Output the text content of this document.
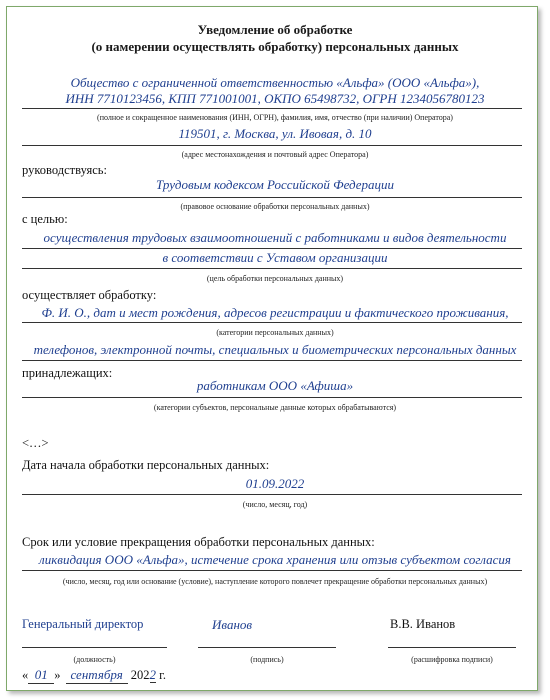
Уведомление об обработке
(о намерении осуществлять обработку) персональных данных
Общество с ограниченной ответственностью «Альфа» (ООО «Альфа»),
ИНН 7710123456, КПП 771001001, ОКПО 65498732, ОГРН 1234056780123
(полное и сокращенное наименования (ИНН, ОГРН), фамилия, имя, отчество (при наличии) Оператора)
119501, г. Москва, ул. Ивовая, д. 10
(адрес местонахождения и почтовый адрес Оператора)
руководствуясь:
Трудовым кодексом Российской Федерации
(правовое основание обработки персональных данных)
с целью:
осуществления трудовых взаимоотношений с работниками и видов деятельности
в соответствии с Уставом организации
(цель обработки персональных данных)
осуществляет обработку:
Ф. И. О., дат и мест рождения, адресов регистрации и фактического проживания,
(категории персональных данных)
телефонов, электронной почты, специальных и биометрических персональных данных
принадлежащих:
работникам ООО «Афиша»
(категории субъектов, персональные данные которых обрабатываются)
<…>
Дата начала обработки персональных данных:
01.09.2022
(число, месяц, год)
Срок или условие прекращения обработки персональных данных:
ликвидация ООО «Альфа», истечение срока хранения или отзыв субъектом согласия
(число, месяц, год или основание (условие), наступление которого повлечет прекращение обработки персональных данных)
Генеральный директор	Иванов	В.В. Иванов
(должность)	(подпись)	(расшифровка подписи)
« 01 » сентября 2022 г.
